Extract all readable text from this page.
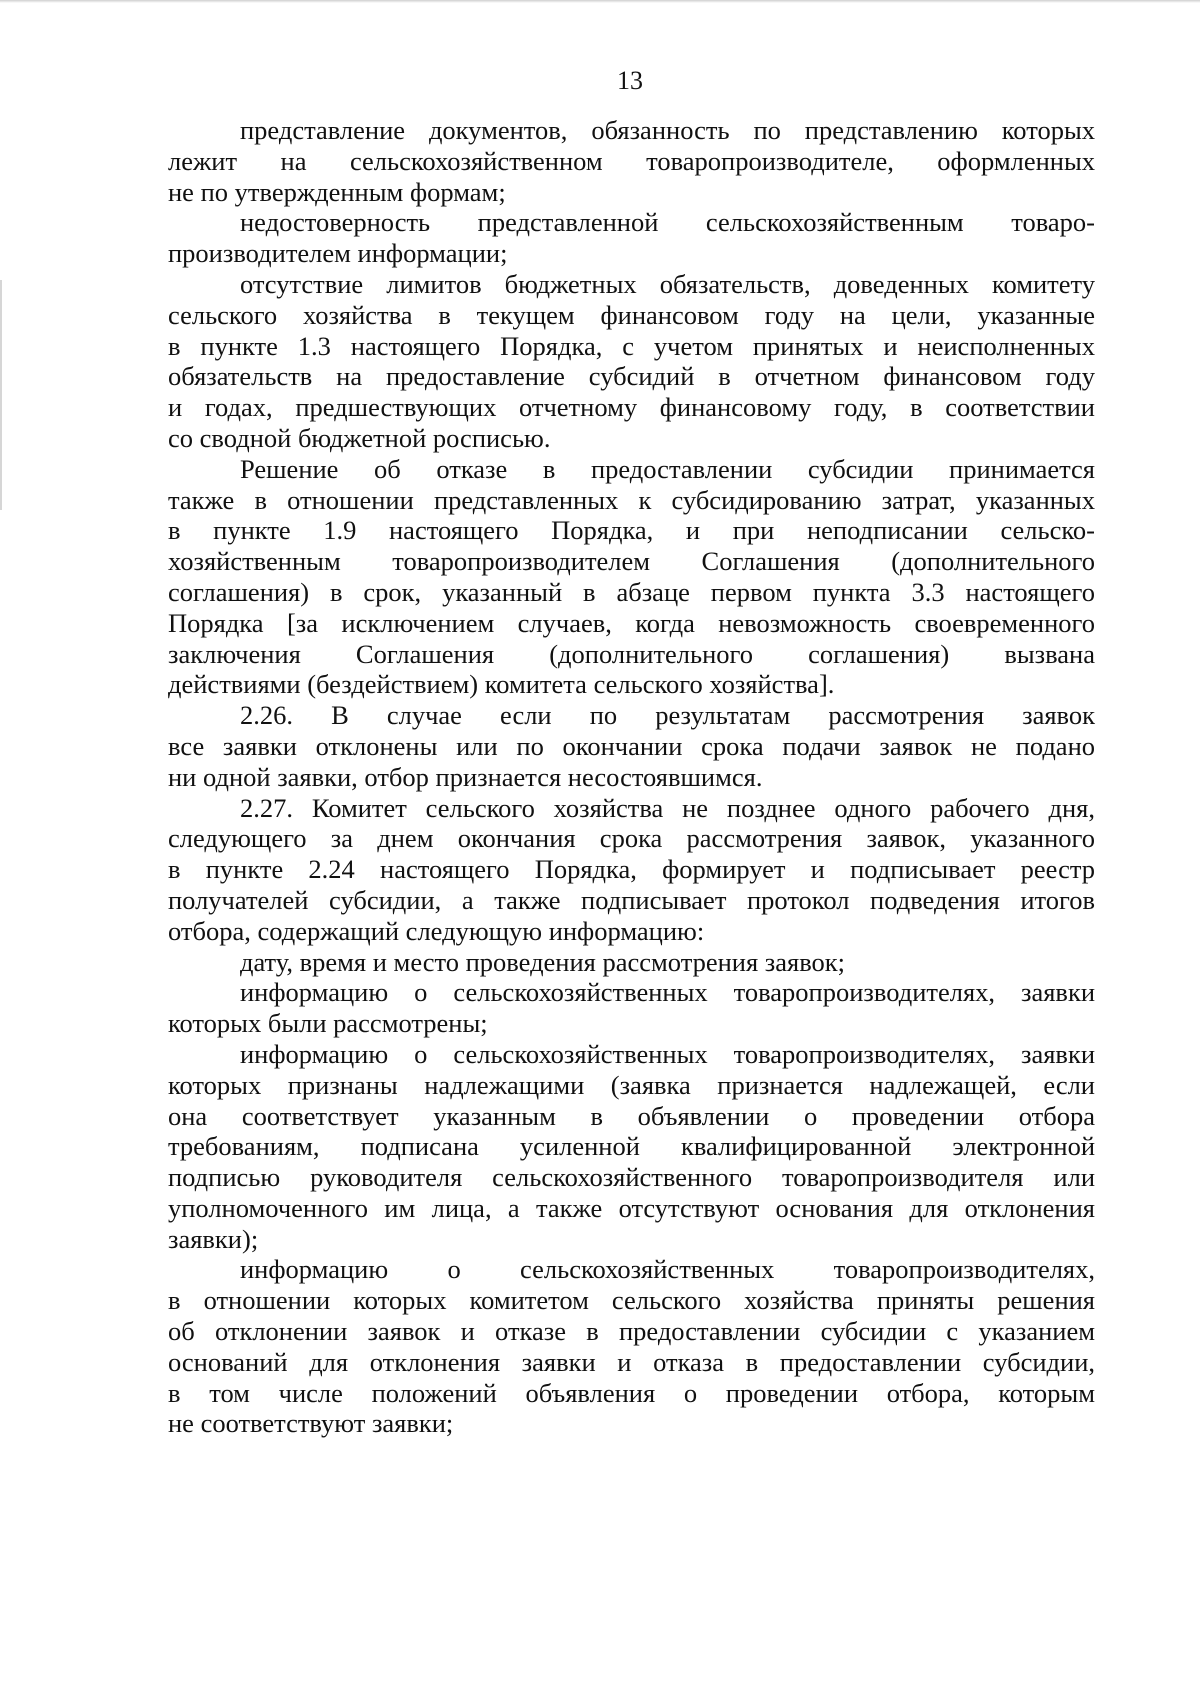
13
представление документов, обязанность по представлению которых
лежит на сельскохозяйственном товаропроизводителе, оформленных
не по утвержденным формам;
недостоверность представленной сельскохозяйственным товаро-
производителем информации;
отсутствие лимитов бюджетных обязательств, доведенных комитету
сельского хозяйства в текущем финансовом году на цели, указанные
в пункте 1.3 настоящего Порядка, с учетом принятых и неисполненных
обязательств на предоставление субсидий в отчетном финансовом году
и годах, предшествующих отчетному финансовому году, в соответствии
со сводной бюджетной росписью.
Решение об отказе в предоставлении субсидии принимается
также в отношении представленных к субсидированию затрат, указанных
в пункте 1.9 настоящего Порядка, и при неподписании сельско-
хозяйственным товаропроизводителем Соглашения (дополнительного
соглашения) в срок, указанный в абзаце первом пункта 3.3 настоящего
Порядка [за исключением случаев, когда невозможность своевременного
заключения Соглашения (дополнительного соглашения) вызвана
действиями (бездействием) комитета сельского хозяйства].
2.26. В случае если по результатам рассмотрения заявок
все заявки отклонены или по окончании срока подачи заявок не подано
ни одной заявки, отбор признается несостоявшимся.
2.27. Комитет сельского хозяйства не позднее одного рабочего дня,
следующего за днем окончания срока рассмотрения заявок, указанного
в пункте 2.24 настоящего Порядка, формирует и подписывает реестр
получателей субсидии, а также подписывает протокол подведения итогов
отбора, содержащий следующую информацию:
дату, время и место проведения рассмотрения заявок;
информацию о сельскохозяйственных товаропроизводителях, заявки
которых были рассмотрены;
информацию о сельскохозяйственных товаропроизводителях, заявки
которых признаны надлежащими (заявка признается надлежащей, если
она соответствует указанным в объявлении о проведении отбора
требованиям, подписана усиленной квалифицированной электронной
подписью руководителя сельскохозяйственного товаропроизводителя или
уполномоченного им лица, а также отсутствуют основания для отклонения
заявки);
информацию о сельскохозяйственных товаропроизводителях,
в отношении которых комитетом сельского хозяйства приняты решения
об отклонении заявок и отказе в предоставлении субсидии с указанием
оснований для отклонения заявки и отказа в предоставлении субсидии,
в том числе положений объявления о проведении отбора, которым
не соответствуют заявки;
